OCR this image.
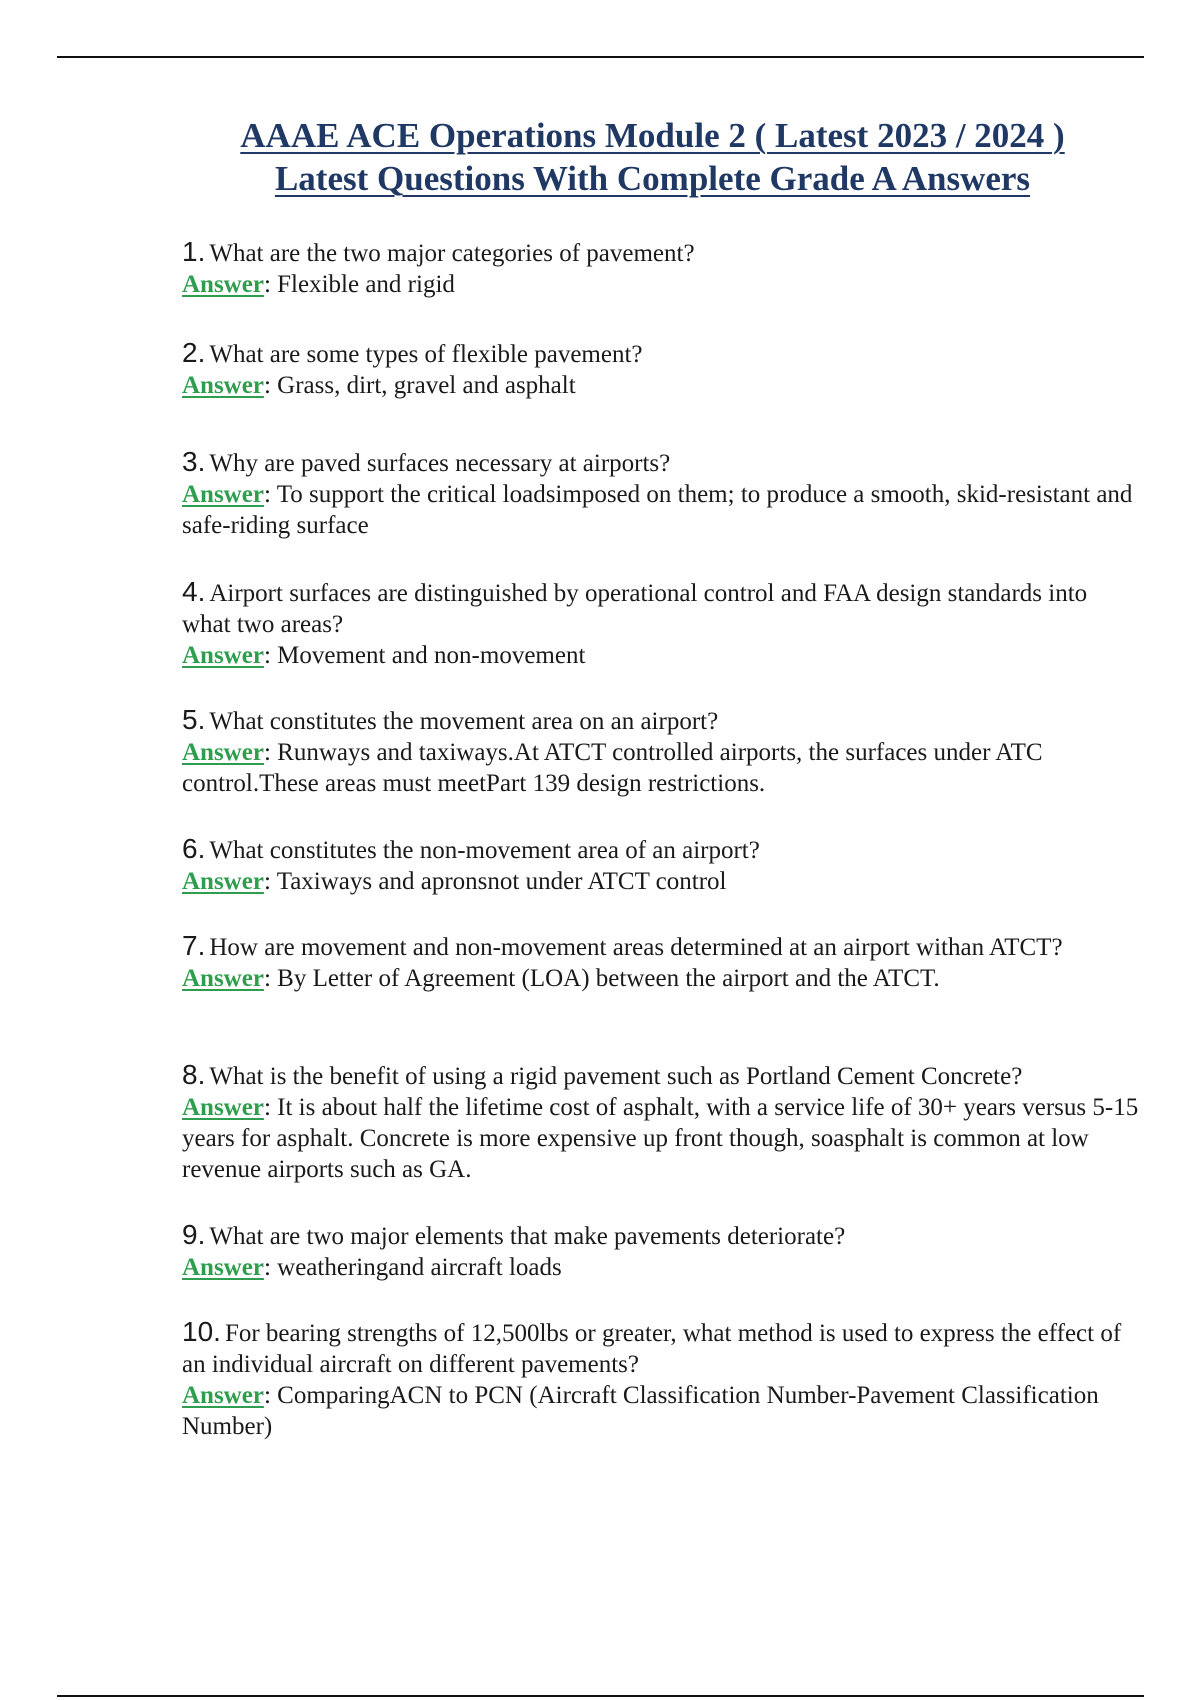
AAAE ACE Operations Module 2 ( Latest 2023 / 2024 )
Latest Questions With Complete Grade A Answers

1. What are the two major categories of pavement?

Answer: Flexible and rigid

2. What are some types of flexible pavement?

Answer: Grass, dirt, gravel and asphalt

3. Why are paved surfaces necessary at airports?

Answer: To support the critical loadsimposed on them; to produce a smooth, skid-resistant and safe-riding surface

4. Airport surfaces are distinguished by operational control and FAA design standards into what two areas?

Answer: Movement and non-movement

5. What constitutes the movement area on an airport?

Answer: Runways and taxiways.At ATCT controlled airports, the surfaces under ATC control.These areas must meetPart 139 design restrictions.

6. What constitutes the non-movement area of an airport?

Answer: Taxiways and apronsnot under ATCT control

7. How are movement and non-movement areas determined at an airport withan ATCT?

Answer: By Letter of Agreement (LOA) between the airport and the ATCT.

8. What is the benefit of using a rigid pavement such as Portland Cement Concrete?

Answer: It is about half the lifetime cost of asphalt, with a service life of 30+ years versus 5-15 years for asphalt. Concrete is more expensive up front though, soasphalt is common at low revenue airports such as GA.

9. What are two major elements that make pavements deteriorate?

Answer: weatheringand aircraft loads

10. For bearing strengths of 12,500lbs or greater, what method is used to express the effect of an individual aircraft on different pavements?

Answer: ComparingACN to PCN (Aircraft Classification Number-Pavement Classification Number)
